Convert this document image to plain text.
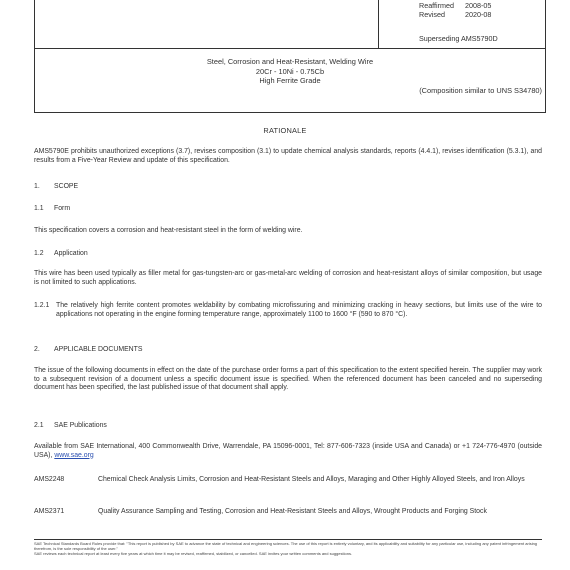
Reaffirmed	2008-05
Revised	2020-08
Superseding AMS5790D
Steel, Corrosion and Heat-Resistant, Welding Wire
20Cr - 10Ni - 0.75Cb
High Ferrite Grade
(Composition similar to UNS S34780)
RATIONALE
AMS5790E prohibits unauthorized exceptions (3.7), revises composition (3.1) to update chemical analysis standards, reports (4.4.1), revises identification (5.3.1), and results from a Five-Year Review and update of this specification.
1. SCOPE
1.1 Form
This specification covers a corrosion and heat-resistant steel in the form of welding wire.
1.2 Application
This wire has been used typically as filler metal for gas-tungsten-arc or gas-metal-arc welding of corrosion and heat-resistant alloys of similar composition, but usage is not limited to such applications.
1.2.1 The relatively high ferrite content promotes weldability by combating microfissuring and minimizing cracking in heavy sections, but limits use of the wire to applications not operating in the engine forming temperature range, approximately 1100 to 1600 °F (590 to 870 °C).
2. APPLICABLE DOCUMENTS
The issue of the following documents in effect on the date of the purchase order forms a part of this specification to the extent specified herein. The supplier may work to a subsequent revision of a document unless a specific document issue is specified. When the referenced document has been canceled and no superseding document has been specified, the last published issue of that document shall apply.
2.1 SAE Publications
Available from SAE International, 400 Commonwealth Drive, Warrendale, PA 15096-0001, Tel: 877-606-7323 (inside USA and Canada) or +1 724-776-4970 (outside USA), www.sae.org
AMS2248	Chemical Check Analysis Limits, Corrosion and Heat-Resistant Steels and Alloys, Maraging and Other Highly Alloyed Steels, and Iron Alloys
AMS2371	Quality Assurance Sampling and Testing, Corrosion and Heat-Resistant Steels and Alloys, Wrought Products and Forging Stock
SAE Technical Standards Board Rules provide that: "This report is published by SAE to advance the state of technical and engineering sciences. The use of this report is entirely voluntary, and its applicability and suitability for any particular use, including any patent infringement arising therefrom, is the sole responsibility of the user."
SAE reviews each technical report at least every five years at which time it may be revised, reaffirmed, stabilized, or cancelled. SAE invites your written comments and suggestions.
